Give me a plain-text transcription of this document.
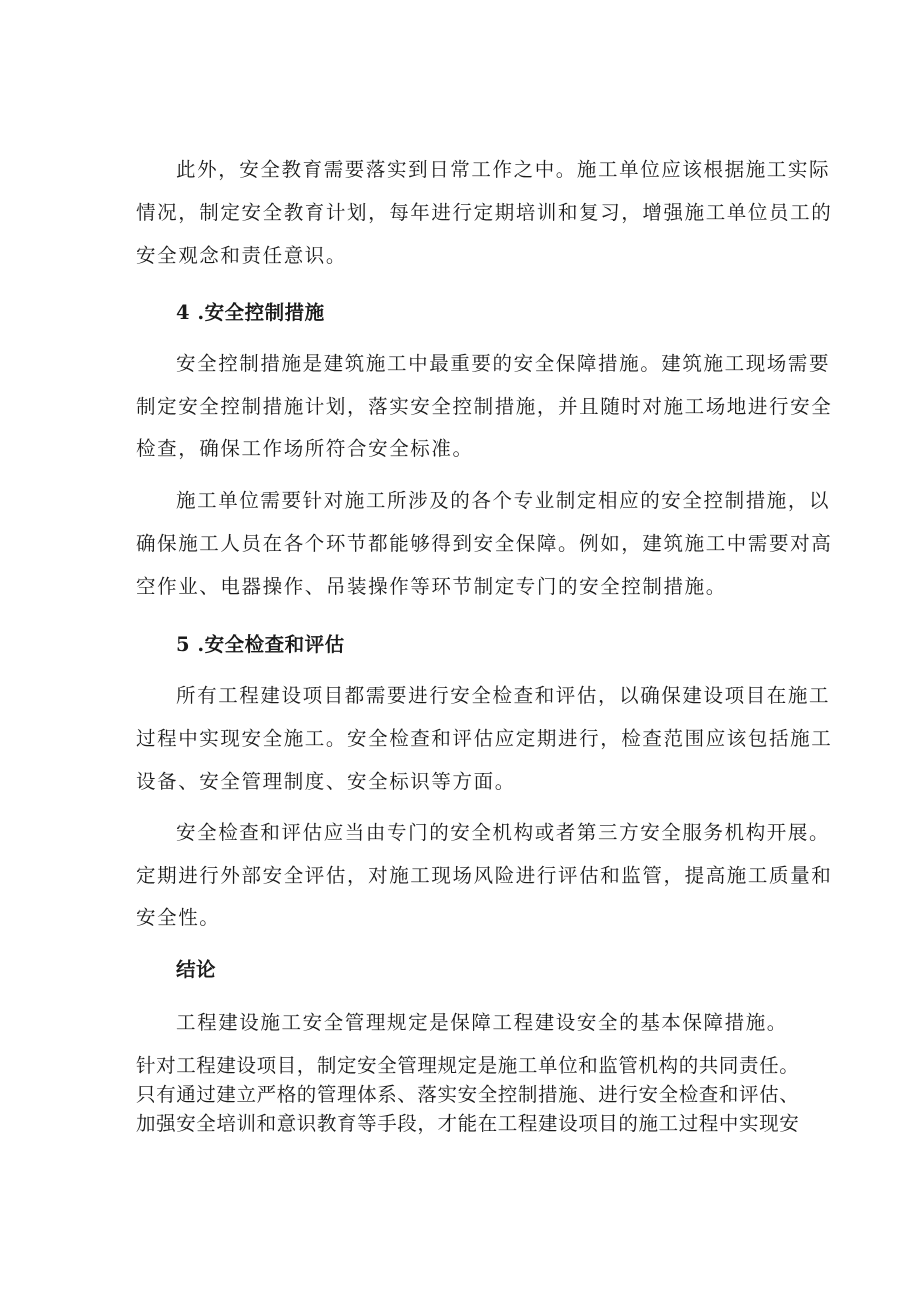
此外，安全教育需要落实到日常工作之中。施工单位应该根据施工实际
情况，制定安全教育计划，每年进行定期培训和复习，增强施工单位员工的
安全观念和责任意识。
4 .安全控制措施
安全控制措施是建筑施工中最重要的安全保障措施。建筑施工现场需要
制定安全控制措施计划，落实安全控制措施，并且随时对施工场地进行安全
检查，确保工作场所符合安全标准。
施工单位需要针对施工所涉及的各个专业制定相应的安全控制措施，以
确保施工人员在各个环节都能够得到安全保障。例如，建筑施工中需要对高
空作业、电器操作、吊装操作等环节制定专门的安全控制措施。
5 .安全检查和评估
所有工程建设项目都需要进行安全检查和评估，以确保建设项目在施工
过程中实现安全施工。安全检查和评估应定期进行，检查范围应该包括施工
设备、安全管理制度、安全标识等方面。
安全检查和评估应当由专门的安全机构或者第三方安全服务机构开展。
定期进行外部安全评估，对施工现场风险进行评估和监管，提高施工质量和
安全性。
结论
工程建设施工安全管理规定是保障工程建设安全的基本保障措施。
针对工程建设项目，制定安全管理规定是施工单位和监管机构的共同责任。
只有通过建立严格的管理体系、落实安全控制措施、进行安全检查和评估、
加强安全培训和意识教育等手段，才能在工程建设项目的施工过程中实现安
